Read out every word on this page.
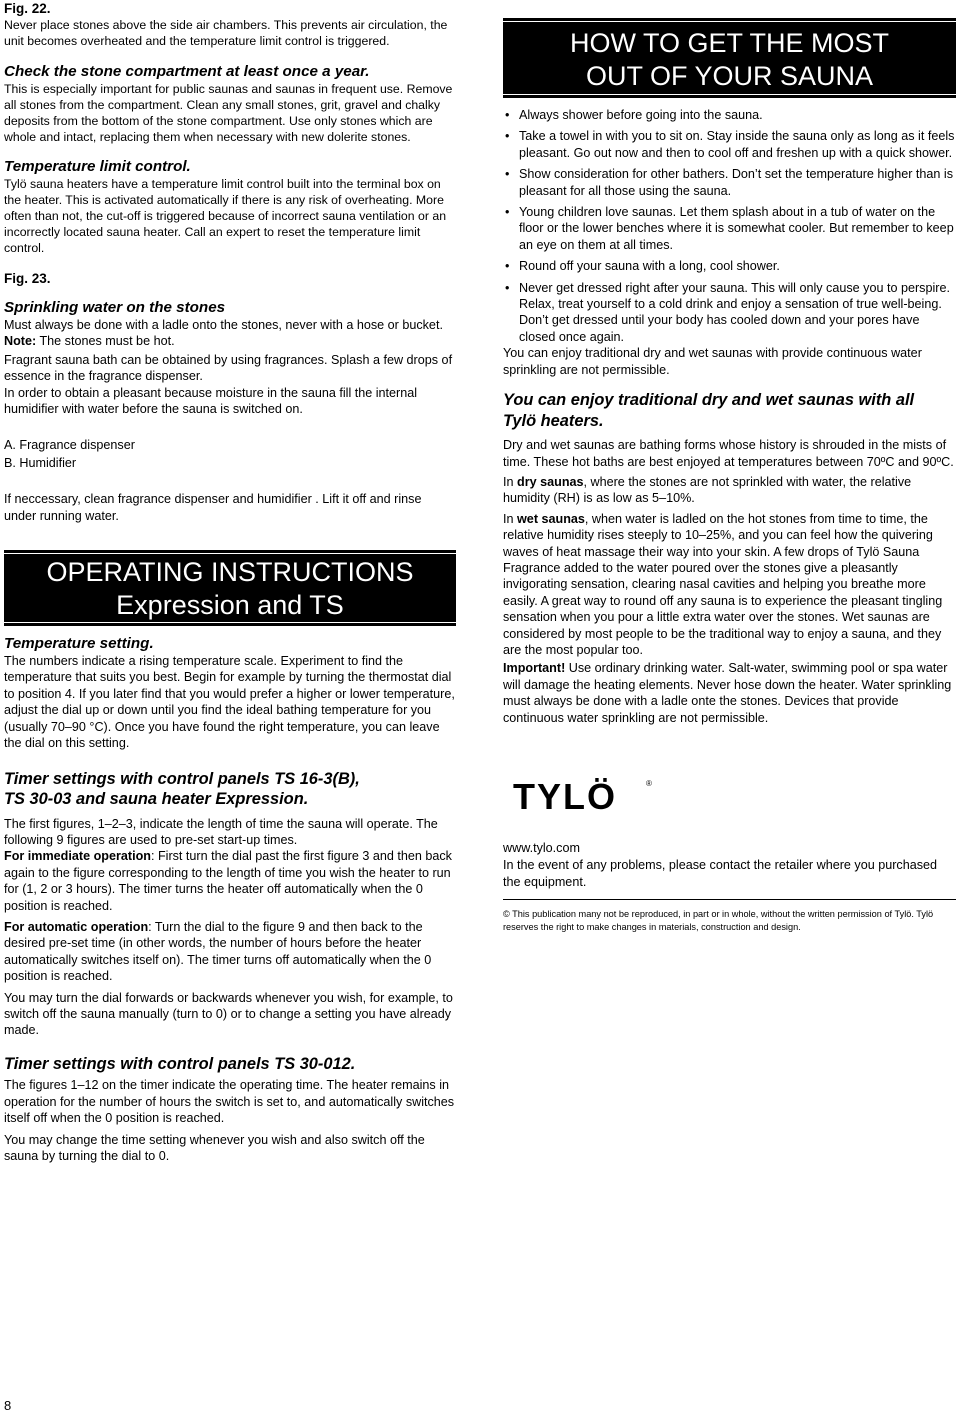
Fig. 22.

Never place stones above the side air chambers. This prevents air circulation, the unit becomes overheated and the temperature limit control is triggered.

Check the stone compartment at least once a year.

This is especially important for public saunas and saunas in frequent use. Remove all stones from the compartment. Clean any small stones, grit, gravel and chalky deposits from the bottom of the stone compartment. Use only stones which are whole and intact, replacing them when necessary with new dolerite stones.

Temperature limit control.

Tylö sauna heaters have a temperature limit control built into the terminal box on the heater. This is activated automatically if there is any risk of overheating. More often than not, the cut-off is triggered because of incorrect sauna ventilation or an incorrectly located sauna heater. Call an expert to reset the temperature limit control.

Fig. 23.

Sprinkling water on the stones

Must always be done with a ladle onto the stones, never with a hose or bucket. Note: The stones must be hot.

Fragrant sauna bath can be obtained by using fragrances. Splash a few drops of essence in the fragrance dispenser.

In order to obtain a pleasant because moisture in the sauna fill the internal humidifier with water before the sauna is switched on.

A. Fragrance dispenser

B. Humidifier

If neccessary, clean fragrance dispenser and humidifier . Lift it off and rinse under running water.

OPERATING INSTRUCTIONS
Expression and TS

Temperature setting.

The numbers indicate a rising temperature scale. Experiment to find the temperature that suits you best. Begin for example by turning the thermostat dial to position 4. If you later find that you would prefer a higher or lower temperature, adjust the dial up or down until you find the ideal bathing temperature for you (usually 70–90 °C). Once you have found the right temperature, you can leave the dial on this setting.

Timer settings with control panels TS 16-3(B),

TS 30-03 and sauna heater Expression.

The first figures, 1–2–3, indicate the length of time the sauna will operate. The following 9 figures are used to pre-set start-up times.

For immediate operation: First turn the dial past the first figure 3 and then back again to the figure corresponding to the length of time you wish the heater to run for (1, 2 or 3 hours). The timer turns the heater off automatically when the 0 position is reached.

For automatic operation: Turn the dial to the figure 9 and then back to the desired pre-set time (in other words, the number of hours before the heater automatically switches itself on). The timer turns off automatically when the 0 position is reached.

You may turn the dial forwards or backwards whenever you wish, for example, to switch off the sauna manually (turn to 0) or to change a setting you have already made.

Timer settings with control panels TS 30-012.

The figures 1–12 on the timer indicate the operating time. The heater remains in operation for the number of hours the switch is set to, and automatically switches itself off when the 0 position is reached.

You may change the time setting whenever you wish and also switch off the sauna by turning the dial to 0.

8
HOW TO GET THE MOST
OUT OF YOUR SAUNA
• Always shower before going into the sauna.
• Take a towel in with you to sit on. Stay inside the sauna only as long as it feels pleasant. Go out now and then to cool off and freshen up with a quick shower.
• Show consideration for other bathers. Don’t set the temperature higher than is pleasant for all those using the sauna.
• Young children love saunas. Let them splash about in a tub of water on the floor or the lower benches where it is somewhat cooler. But remember to keep an eye on them at all times.
• Round off your sauna with a long, cool shower.
• Never get dressed right after your sauna. This will only cause you to perspire. Relax, treat yourself to a cold drink and enjoy a sensation of true well-being. Don’t get dressed until your body has cooled down and your pores have closed once again.

You can enjoy traditional dry and wet saunas with provide continuous water sprinkling are not permissible.

You can enjoy traditional dry and wet saunas with all

Tylö heaters.

Dry and wet saunas are bathing forms whose history is shrouded in the mists of time. These hot baths are best enjoyed at temperatures between 70ºC and 90ºC.

In dry saunas, where the stones are not sprinkled with water, the relative humidity (RH) is as low as 5–10%.

In wet saunas, when water is ladled on the hot stones from time to time, the relative humidity rises steeply to 10–25%, and you can feel how the quivering waves of heat massage their way into your skin. A few drops of Tylö Sauna Fragrance added to the water poured over the stones give a pleasantly invigorating sensation, clearing nasal cavities and helping you breathe more easily. A great way to round off any sauna is to experience the pleasant tingling sensation when you pour a little extra water over the stones. Wet saunas are considered by most people to be the traditional way to enjoy a sauna, and they are the most popular too.

Important! Use ordinary drinking water. Salt-water, swimming pool or spa water will damage the heating elements. Never hose down the heater. Water sprinkling must always be done with a ladle onte the stones. Devices that provide continuous water sprinkling are not permissible.

TYLÖ	®

www.tylo.com

In the event of any problems, please contact the retailer where you purchased the equipment.

© This publication many not be reproduced, in part or in whole, without the written permission of Tylö. Tylö reserves the right to make changes in materials, construction and design.
